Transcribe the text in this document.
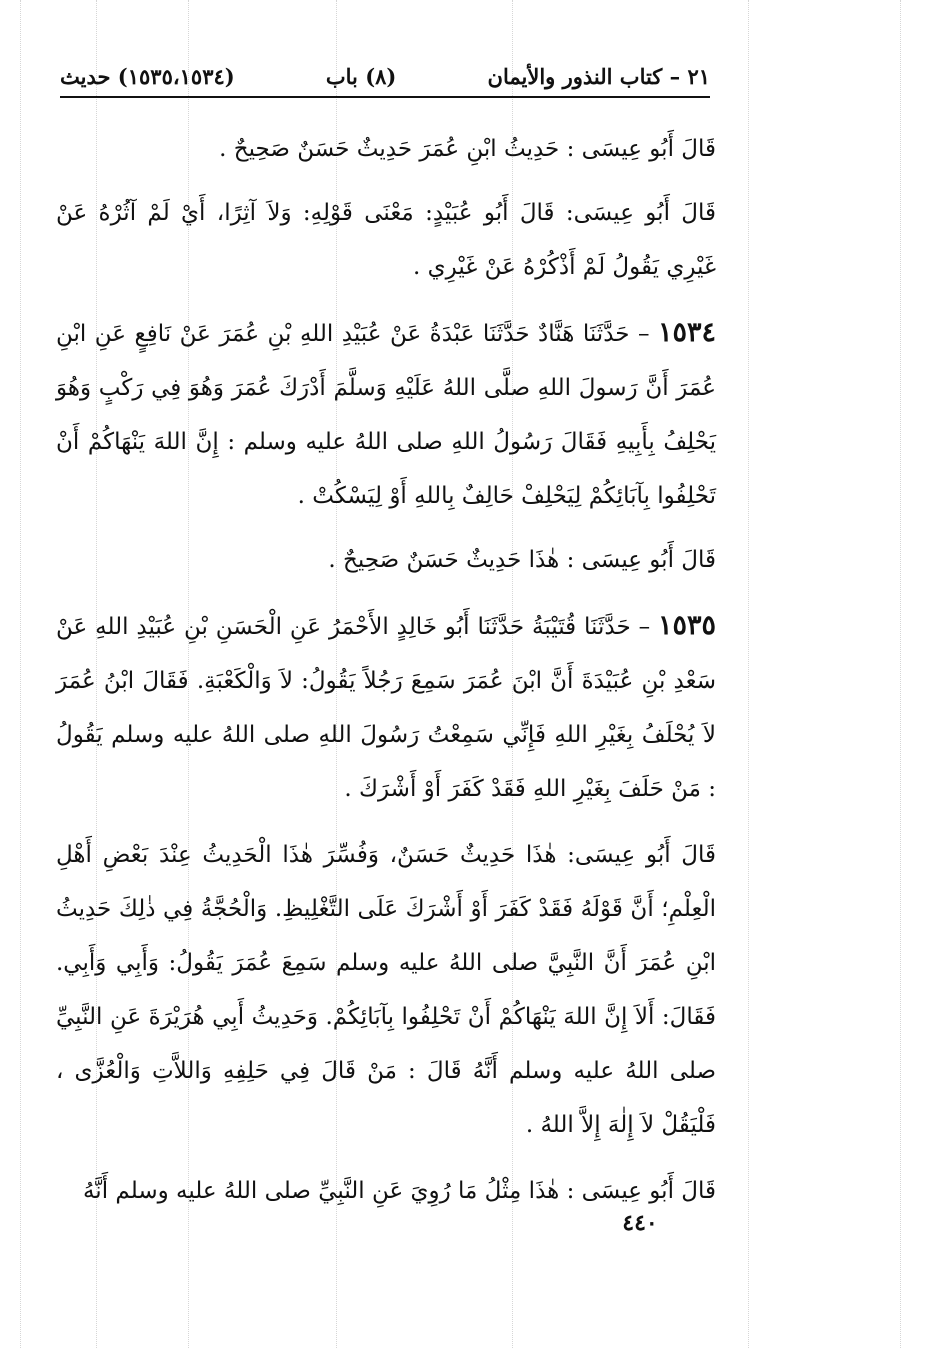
٢١ – كتاب النذور والأيمان
(٨) باب
(١٥٣٥،١٥٣٤) حديث

قَالَ أَبُو عِيسَى : حَدِيثُ ابْنِ عُمَرَ حَدِيثٌ حَسَنٌ صَحِيحٌ .

قَالَ أَبُو عِيسَى: قَالَ أَبُو عُبَيْدٍ: مَعْنَى قَوْلِهِ: وَلاَ آثِرًا، أَيْ لَمْ آثُرْهُ عَنْ غَيْرِي يَقُولُ لَمْ أَذْكُرْهُ عَنْ غَيْرِي .

١٥٣٤ – حَدَّثَنَا هَنَّادٌ حَدَّثَنَا عَبْدَةُ عَنْ عُبَيْدِ اللهِ بْنِ عُمَرَ عَنْ نَافِعٍ عَنِ ابْنِ عُمَرَ أَنَّ رَسولَ اللهِ صلَّى اللهُ عَلَيْهِ وَسلَّمَ أَدْرَكَ عُمَرَ وَهُوَ فِي رَكْبٍ وَهُوَ يَحْلِفُ بِأَبِيهِ فَقَالَ رَسُولُ اللهِ صلى اللهُ عليه وسلم : إِنَّ اللهَ يَنْهَاكُمْ أَنْ تَحْلِفُوا بِآبَائِكُمْ لِيَحْلِفْ حَالِفٌ بِاللهِ أَوْ لِيَسْكُتْ .

قَالَ أَبُو عِيسَى : هٰذَا حَدِيثٌ حَسَنٌ صَحِيحٌ .

١٥٣٥ – حَدَّثَنَا قُتَيْبَةُ حَدَّثَنَا أَبُو خَالِدٍ الأَحْمَرُ عَنِ الْحَسَنِ بْنِ عُبَيْدِ اللهِ عَنْ سَعْدِ بْنِ عُبَيْدَةَ أَنَّ ابْنَ عُمَرَ سَمِعَ رَجُلاً يَقُولُ: لاَ وَالْكَعْبَةِ. فَقَالَ ابْنُ عُمَرَ لاَ يُحْلَفُ بِغَيْرِ اللهِ فَإِنِّي سَمِعْتُ رَسُولَ اللهِ صلى اللهُ عليه وسلم يَقُولُ : مَنْ حَلَفَ بِغَيْرِ اللهِ فَقَدْ كَفَرَ أَوْ أَشْرَكَ .

قَالَ أَبُو عِيسَى: هٰذَا حَدِيثٌ حَسَنٌ، وَفُسِّرَ هٰذَا الْحَدِيثُ عِنْدَ بَعْضِ أَهْلِ الْعِلْمِ؛ أَنَّ قَوْلَهُ فَقَدْ كَفَرَ أَوْ أَشْرَكَ عَلَى التَّغْلِيظِ. وَالْحُجَّةُ فِي ذٰلِكَ حَدِيثُ ابْنِ عُمَرَ أَنَّ النَّبِيَّ صلى اللهُ عليه وسلم سَمِعَ عُمَرَ يَقُولُ: وَأَبِي وَأَبِي. فَقَالَ: أَلاَ إِنَّ اللهَ يَنْهَاكُمْ أَنْ تَحْلِفُوا بِآبَائِكُمْ. وَحَدِيثُ أَبِي هُرَيْرَةَ عَنِ النَّبِيِّ صلى اللهُ عليه وسلم أَنَّهُ قَالَ : مَنْ قَالَ فِي حَلِفِهِ وَاللاَّتِ وَالْعُزَّى ، فَلْيَقُلْ لاَ إِلٰهَ إِلاَّ اللهُ .

قَالَ أَبُو عِيسَى : هٰذَا مِثْلُ مَا رُوِيَ عَنِ النَّبِيِّ صلى اللهُ عليه وسلم أَنَّهُ

٤٤٠
